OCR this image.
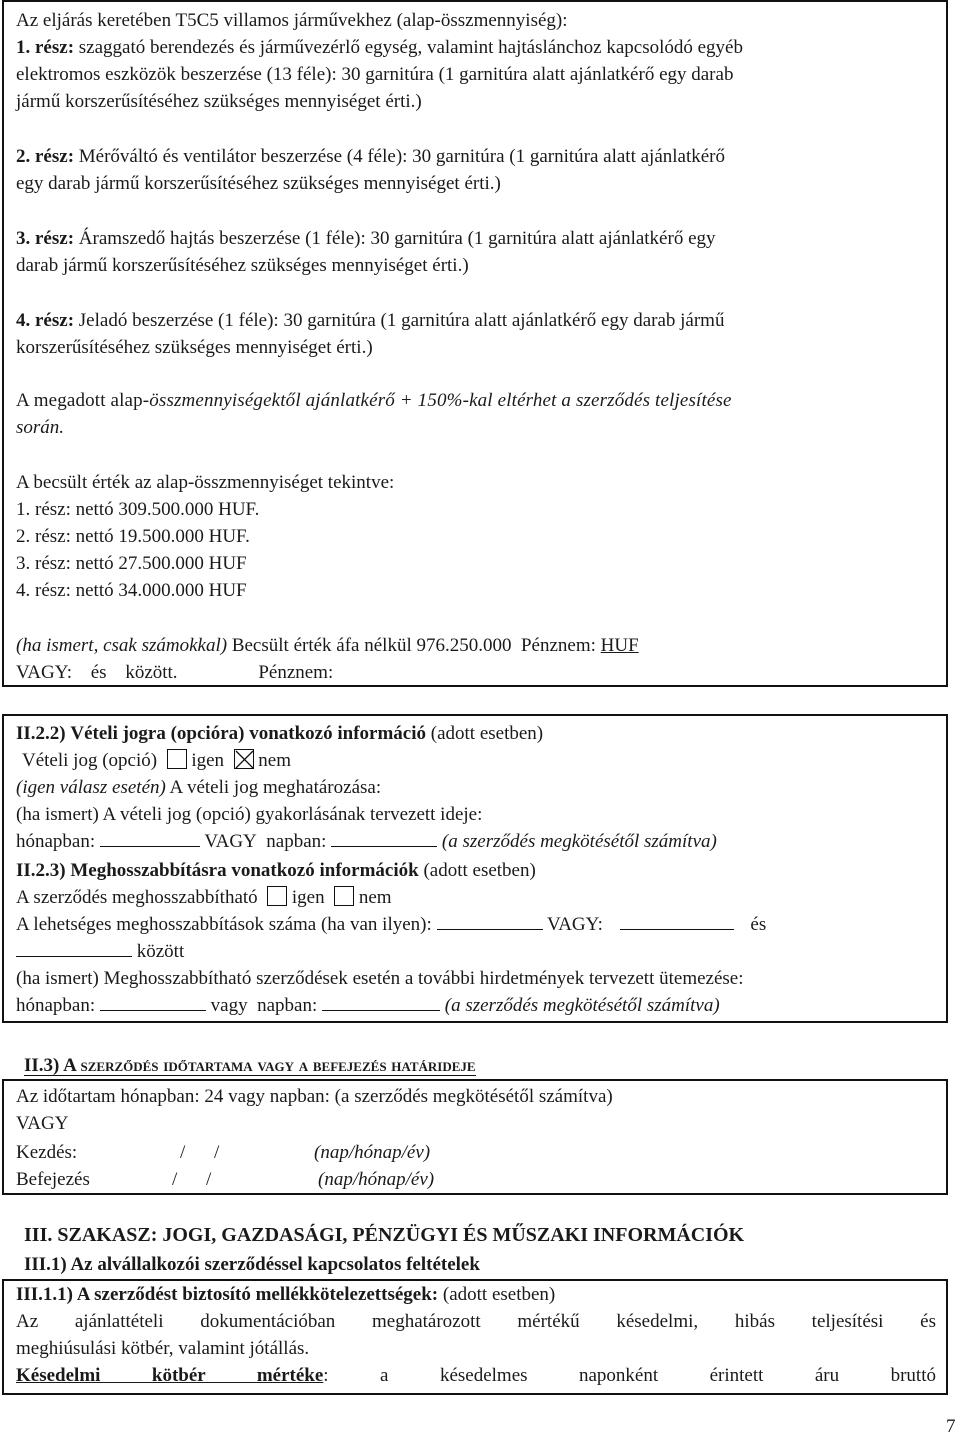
Az eljárás keretében T5C5 villamos járművekhez (alap-összmennyiség):
1. rész: szaggató berendezés és járművezérlő egység, valamint hajtáslánchoz kapcsolódó egyéb
elektromos eszközök beszerzése (13 féle): 30 garnitúra (1 garnitúra alatt ajánlatkérő egy darab
jármű korszerűsítéséhez szükséges mennyiséget érti.)
2. rész: Mérőváltó és ventilátor beszerzése (4 féle): 30 garnitúra (1 garnitúra alatt ajánlatkérő
egy darab jármű korszerűsítéséhez szükséges mennyiséget érti.)
3. rész: Áramszedő hajtás beszerzése (1 féle): 30 garnitúra (1 garnitúra alatt ajánlatkérő egy
darab jármű korszerűsítéséhez szükséges mennyiséget érti.)
4. rész: Jeladó beszerzése (1 féle): 30 garnitúra (1 garnitúra alatt ajánlatkérő egy darab jármű
korszerűsítéséhez szükséges mennyiséget érti.)
A megadott alap-összmennyiségektől ajánlatkérő + 150%-kal eltérhet a szerződés teljesítése
során.
A becsült érték az alap-összmennyiséget tekintve:
1. rész: nettó 309.500.000 HUF.
2. rész: nettó 19.500.000 HUF.
3. rész: nettó 27.500.000 HUF
4. rész: nettó 34.000.000 HUF
(ha ismert, csak számokkal) Becsült érték áfa nélkül 976.250.000 Pénznem: HUF
VAGY: és között.	Pénznem:
II.2.2) Vételi jogra (opcióra) vonatkozó információ (adott esetben)
Vételi jog (opció) igen nem
(igen válasz esetén) A vételi jog meghatározása:
(ha ismert) A vételi jog (opció) gyakorlásának tervezett ideje:
hónapban:	VAGY napban:	(a szerződés megkötésétől számítva)
II.2.3) Meghosszabbításra vonatkozó információk (adott esetben)
A szerződés meghosszabbítható igen nem
A lehetséges meghosszabbítások száma (ha van ilyen):	VAGY:	és
között
(ha ismert) Meghosszabbítható szerződések esetén a további hirdetmények tervezett ütemezése:
hónapban:	vagy napban:	(a szerződés megkötésétől számítva)
II.3) A szerződés időtartama vagy a befejezés határideje
Az időtartam hónapban: 24 vagy napban: (a szerződés megkötésétől számítva)
VAGY
Kezdés:	/ /	(nap/hónap/év)
Befejezés	/ /	(nap/hónap/év)
III. SZAKASZ: JOGI, GAZDASÁGI, PÉNZÜGYI ÉS MŰSZAKI INFORMÁCIÓK
III.1) Az alvállalkozói szerződéssel kapcsolatos feltételek
III.1.1) A szerződést biztosító mellékkötelezettségek: (adott esetben)
Az ajánlattételi dokumentációban meghatározott mértékű késedelmi, hibás teljesítési és
meghiúsulási kötbér, valamint jótállás.
Késedelmi kötbér mértéke: a késedelmes naponként érintett áru bruttó
7
